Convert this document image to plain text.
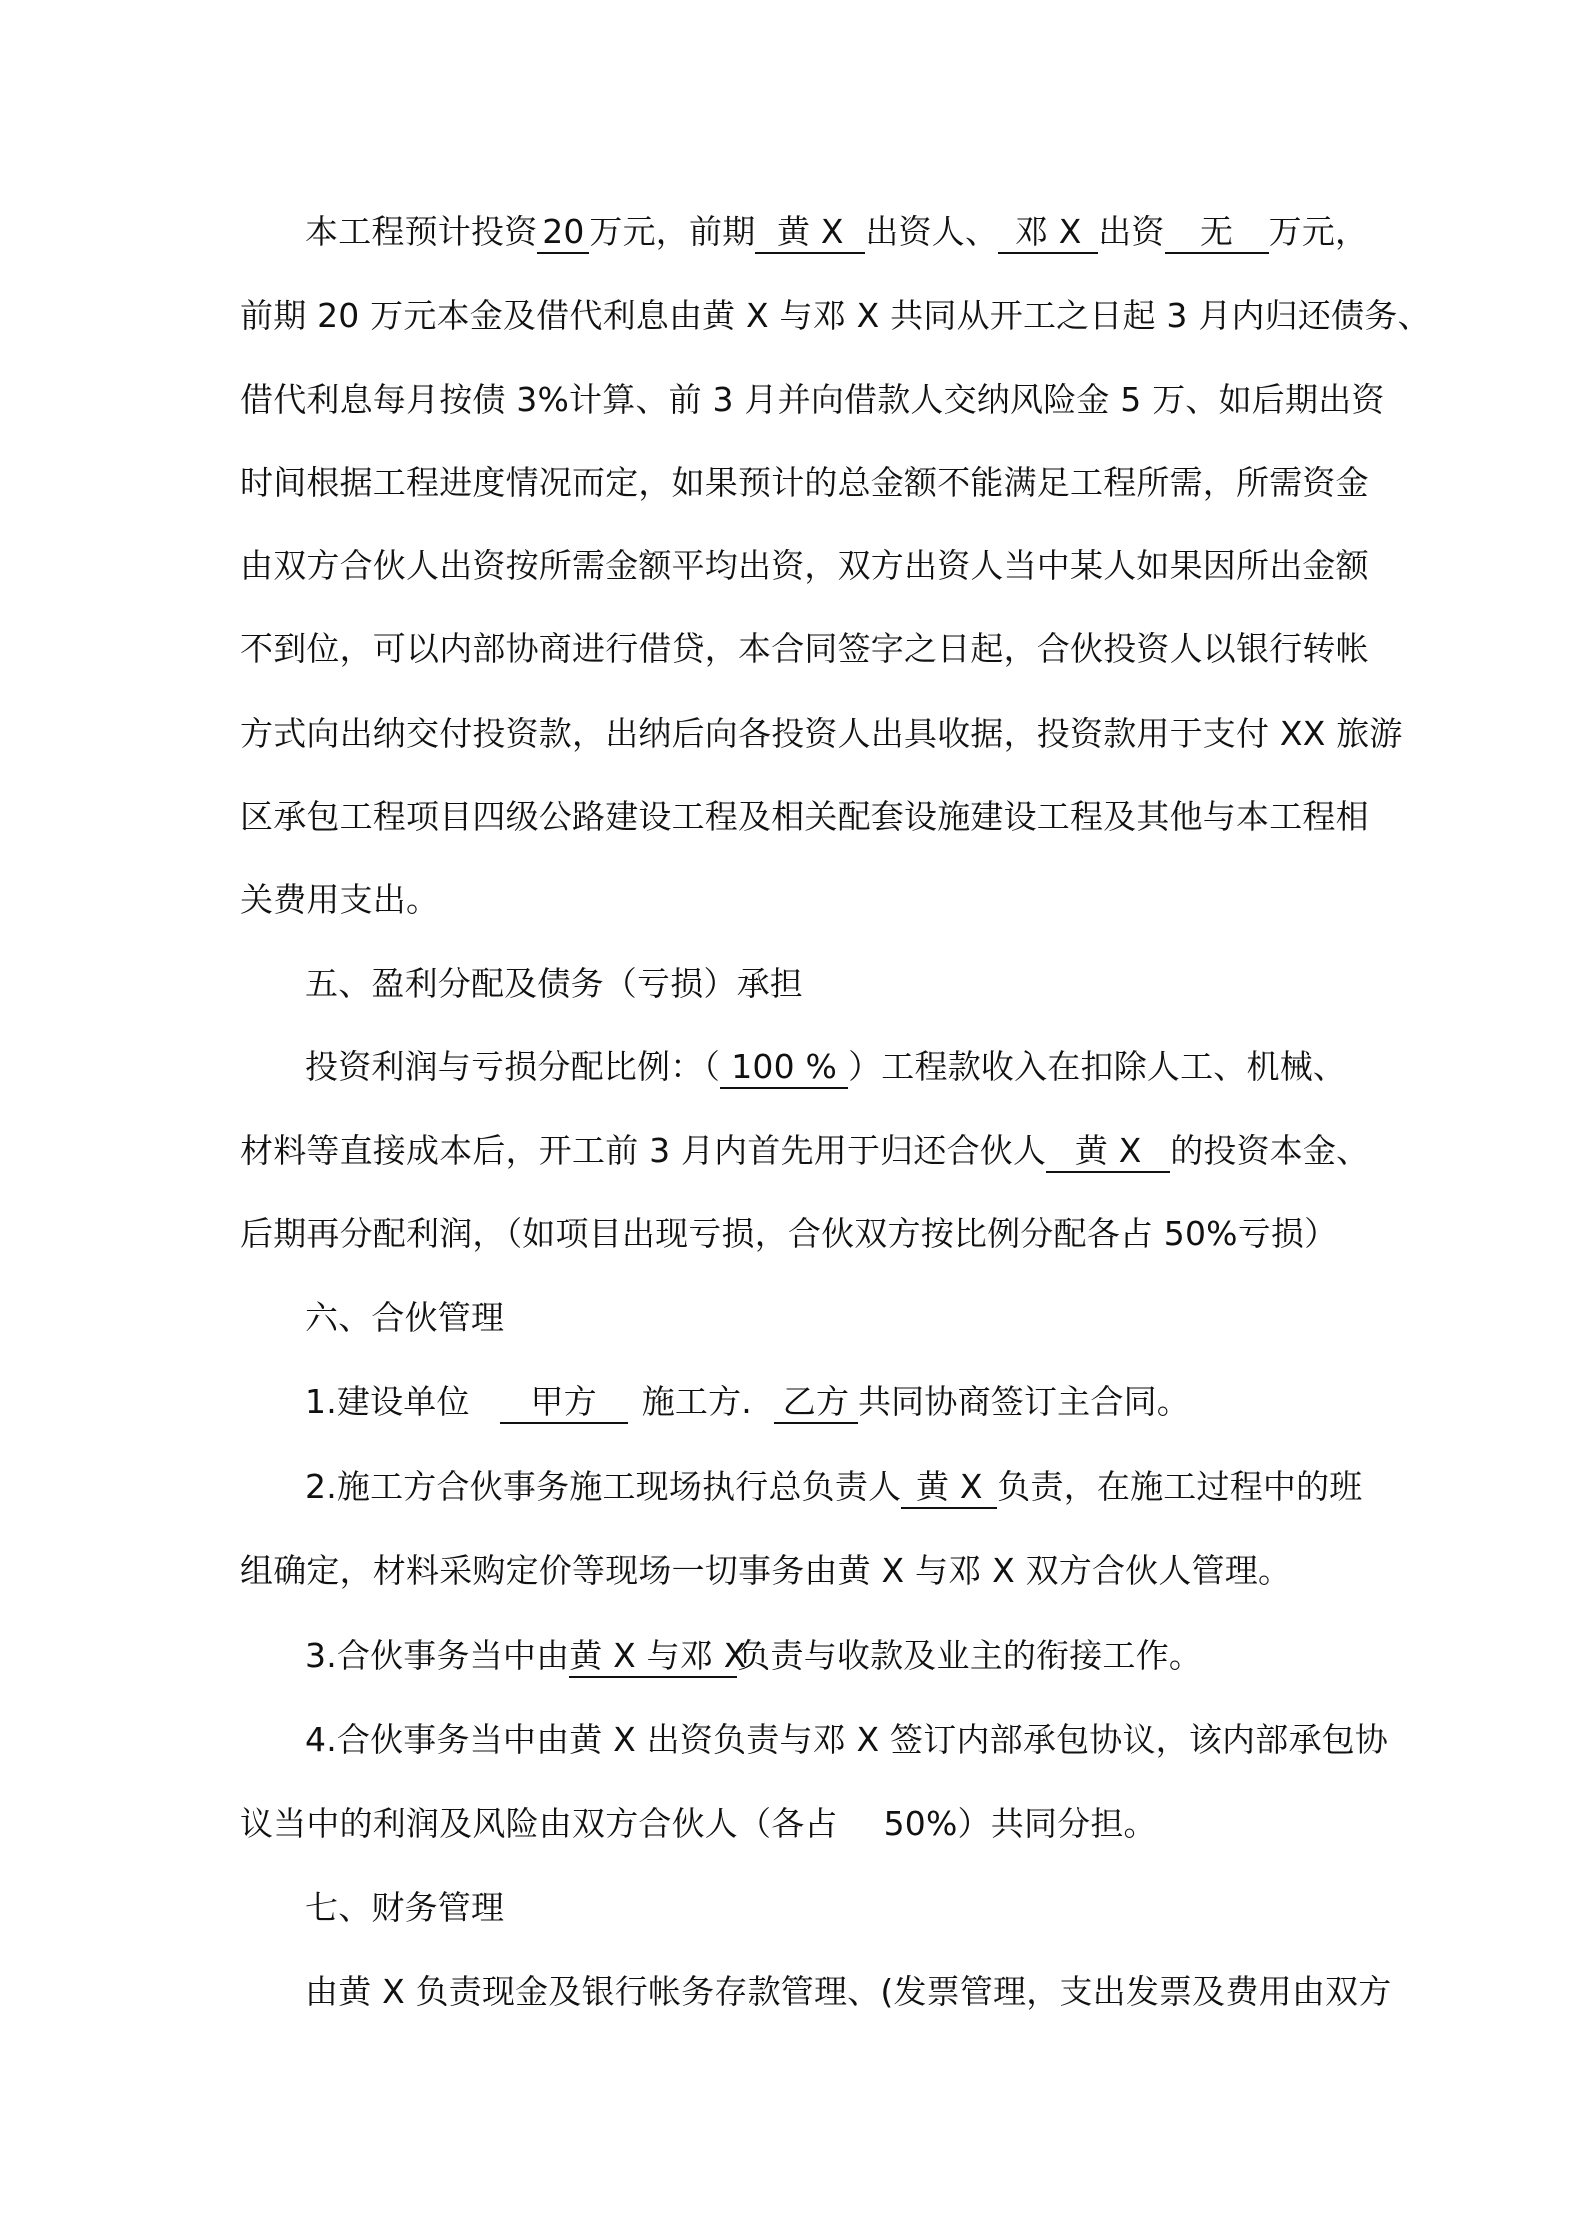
本工程预计投资 20 万元，前期 黄 X 出资人、 邓 X 出资 无 万元，
前期 20 万元本金及借代利息由黄 X 与邓 X 共同从开工之日起 3 月内归还债务、
借代利息每月按债 3%计算、前 3 月并向借款人交纳风险金 5 万、如后期出资
时间根据工程进度情况而定，如果预计的总金额不能满足工程所需，所需资金
由双方合伙人出资按所需金额平均出资，双方出资人当中某人如果因所出金额
不到位，可以内部协商进行借贷，本合同签字之日起，合伙投资人以银行转帐
方式向出纳交付投资款，出纳后向各投资人出具收据，投资款用于支付 XX 旅游
区承包工程项目四级公路建设工程及相关配套设施建设工程及其他与本工程相
关费用支出。
五、盈利分配及债务（亏损）承担
投资利润与亏损分配比例：（ 100 % ）工程款收入在扣除人工、机械、
材料等直接成本后，开工前 3 月内首先用于归还合伙人 黄 X 的投资本金、
后期再分配利润，（如项目出现亏损，合伙双方按比例分配各占 50%亏损）
六、合伙管理
1.建设单位 甲方 施工方. 乙方 共同协商签订主合同。
2.施工方合伙事务施工现场执行总负责人 黄 X 负责，在施工过程中的班
组确定，材料采购定价等现场一切事务由黄 X 与邓 X 双方合伙人管理。
3.合伙事务当中由黄 X 与邓 X负责与收款及业主的衔接工作。
4.合伙事务当中由黄 X 出资负责与邓 X 签订内部承包协议，该内部承包协
议当中的利润及风险由双方合伙人（各占 50%）共同分担。
七、财务管理
由黄 X 负责现金及银行帐务存款管理、(发票管理，支出发票及费用由双方
